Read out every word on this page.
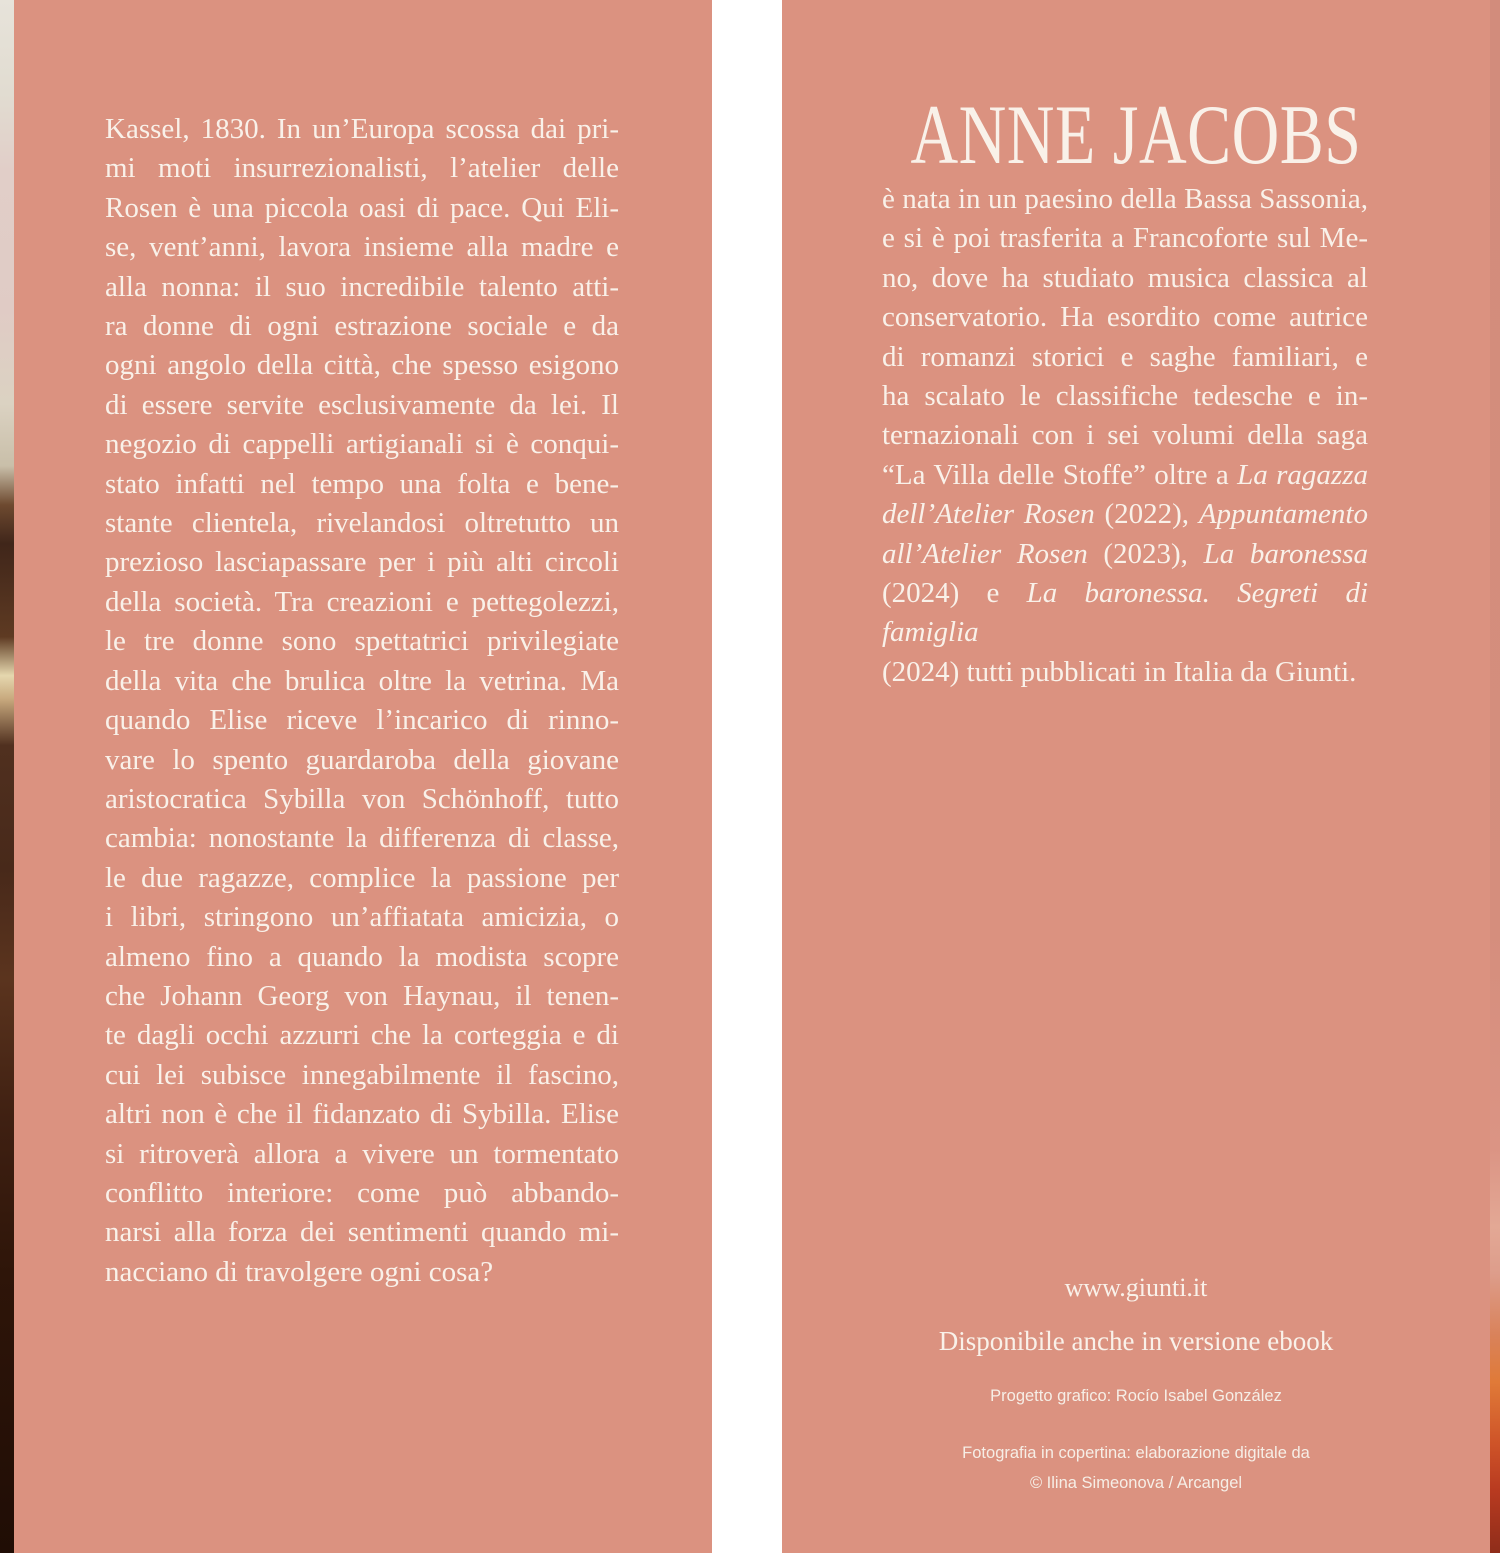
Kassel, 1830. In un’Europa scossa dai pri-
mi moti insurrezionalisti, l’atelier delle
Rosen è una piccola oasi di pace. Qui Eli-
se, vent’anni, lavora insieme alla madre e
alla nonna: il suo incredibile talento atti-
ra donne di ogni estrazione sociale e da
ogni angolo della città, che spesso esigono
di essere servite esclusivamente da lei. Il
negozio di cappelli artigianali si è conqui-
stato infatti nel tempo una folta e bene-
stante clientela, rivelandosi oltretutto un
prezioso lasciapassare per i più alti circoli
della società. Tra creazioni e pettegolezzi,
le tre donne sono spettatrici privilegiate
della vita che brulica oltre la vetrina. Ma
quando Elise riceve l’incarico di rinno-
vare lo spento guardaroba della giovane
aristocratica Sybilla von Schönhoff, tutto
cambia: nonostante la differenza di classe,
le due ragazze, complice la passione per
i libri, stringono un’affiatata amicizia, o
almeno fino a quando la modista scopre
che Johann Georg von Haynau, il tenen-
te dagli occhi azzurri che la corteggia e di
cui lei subisce innegabilmente il fascino,
altri non è che il fidanzato di Sybilla. Elise
si ritroverà allora a vivere un tormentato
conflitto interiore: come può abbando-
narsi alla forza dei sentimenti quando mi-
nacciano di travolgere ogni cosa?
ANNE JACOBS
è nata in un paesino della Bassa Sassonia,
e si è poi trasferita a Francoforte sul Me-
no, dove ha studiato musica classica al
conservatorio. Ha esordito come autrice
di romanzi storici e saghe familiari, e
ha scalato le classifiche tedesche e in-
ternazionali con i sei volumi della saga
“La Villa delle Stoffe” oltre a La ragazza
dell’Atelier Rosen (2022), Appuntamento
all’Atelier Rosen (2023), La baronessa
(2024) e La baronessa. Segreti di famiglia
(2024) tutti pubblicati in Italia da Giunti.
www.giunti.it
Disponibile anche in versione ebook
Progetto grafico: Rocío Isabel González
Fotografia in copertina: elaborazione digitale da
© Ilina Simeonova / Arcangel
